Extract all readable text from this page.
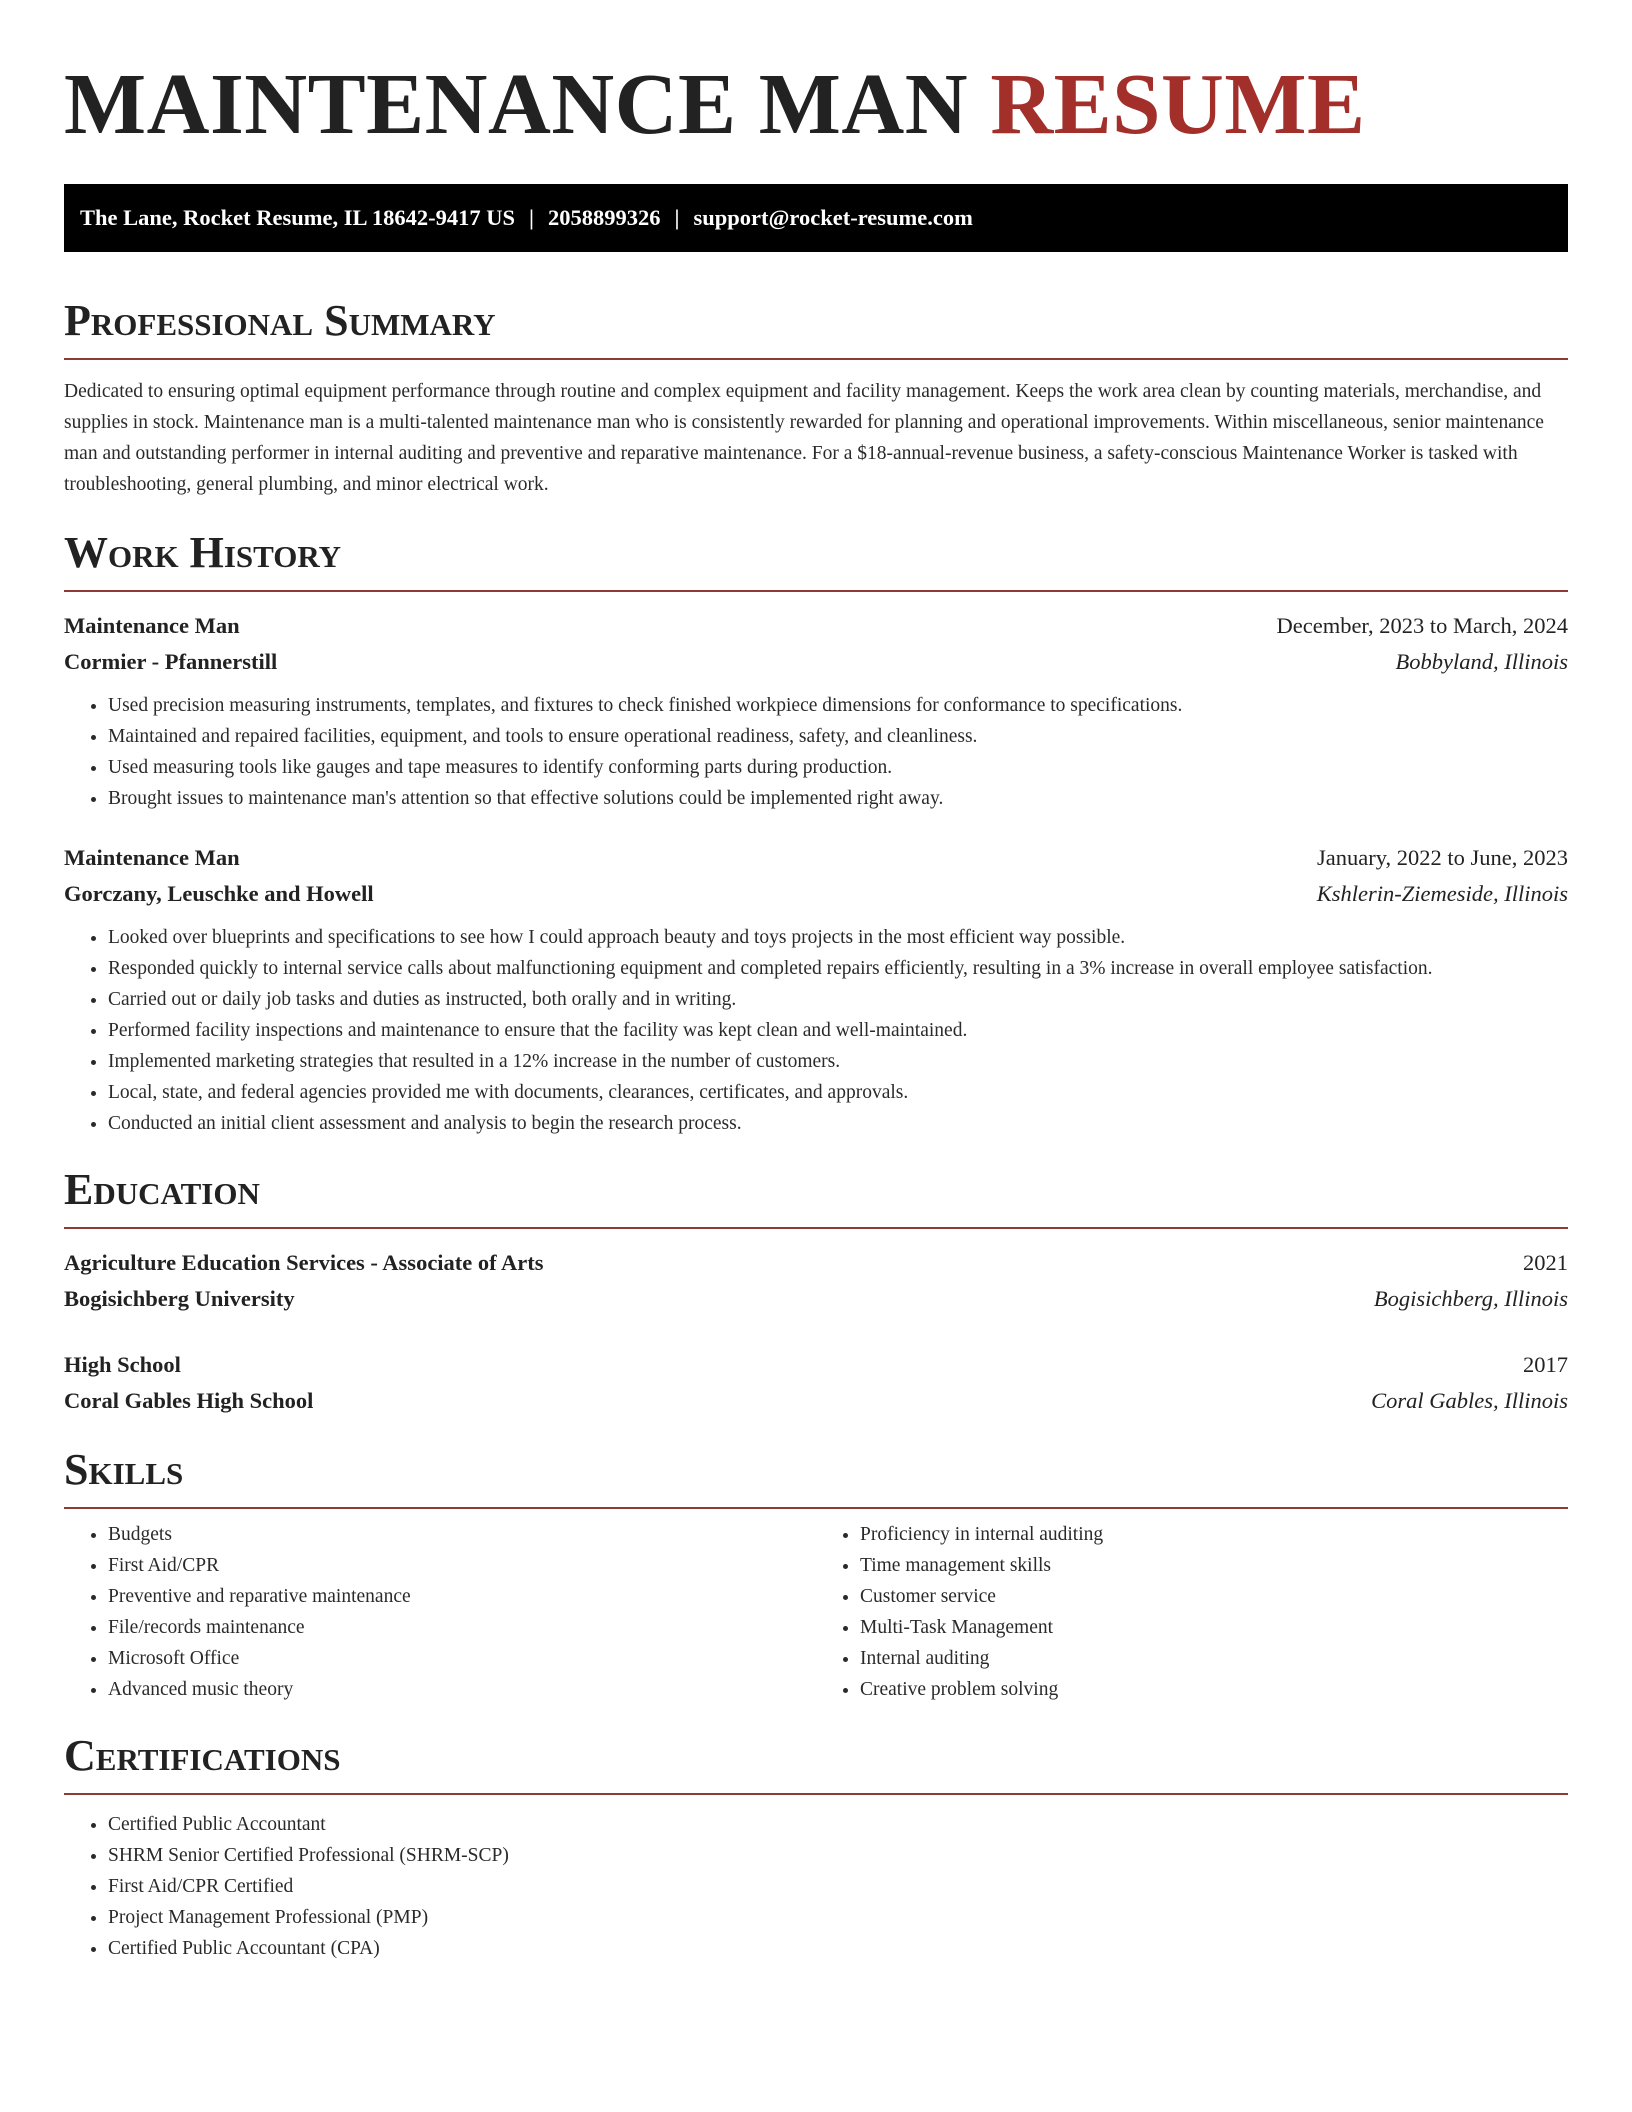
MAINTENANCE MAN RESUME
The Lane, Rocket Resume, IL 18642-9417 US | 2058899326 | support@rocket-resume.com
Professional Summary

Dedicated to ensuring optimal equipment performance through routine and complex equipment and facility management. Keeps the work area clean by counting materials, merchandise, and supplies in stock. Maintenance man is a multi-talented maintenance man who is consistently rewarded for planning and operational improvements. Within miscellaneous, senior maintenance man and outstanding performer in internal auditing and preventive and reparative maintenance. For a $18-annual-revenue business, a safety-conscious Maintenance Worker is tasked with troubleshooting, general plumbing, and minor electrical work.

Work History
Maintenance Man	December, 2023 to March, 2024
Cormier - Pfannerstill	Bobbyland, Illinois
• Used precision measuring instruments, templates, and fixtures to check finished workpiece dimensions for conformance to specifications.
• Maintained and repaired facilities, equipment, and tools to ensure operational readiness, safety, and cleanliness.
• Used measuring tools like gauges and tape measures to identify conforming parts during production.
• Brought issues to maintenance man's attention so that effective solutions could be implemented right away.
Maintenance Man	January, 2022 to June, 2023
Gorczany, Leuschke and Howell	Kshlerin-Ziemeside, Illinois
• Looked over blueprints and specifications to see how I could approach beauty and toys projects in the most efficient way possible.
• Responded quickly to internal service calls about malfunctioning equipment and completed repairs efficiently, resulting in a 3% increase in overall employee satisfaction.
• Carried out or daily job tasks and duties as instructed, both orally and in writing.
• Performed facility inspections and maintenance to ensure that the facility was kept clean and well-maintained.
• Implemented marketing strategies that resulted in a 12% increase in the number of customers.
• Local, state, and federal agencies provided me with documents, clearances, certificates, and approvals.
• Conducted an initial client assessment and analysis to begin the research process.
Education
Agriculture Education Services - Associate of Arts	2021
Bogisichberg University	Bogisichberg, Illinois
High School	2017
Coral Gables High School	Coral Gables, Illinois
Skills
• Budgets
• First Aid/CPR
• Preventive and reparative maintenance
• File/records maintenance
• Microsoft Office
• Advanced music theory
• Proficiency in internal auditing
• Time management skills
• Customer service
• Multi-Task Management
• Internal auditing
• Creative problem solving
Certifications
• Certified Public Accountant
• SHRM Senior Certified Professional (SHRM-SCP)
• First Aid/CPR Certified
• Project Management Professional (PMP)
• Certified Public Accountant (CPA)
